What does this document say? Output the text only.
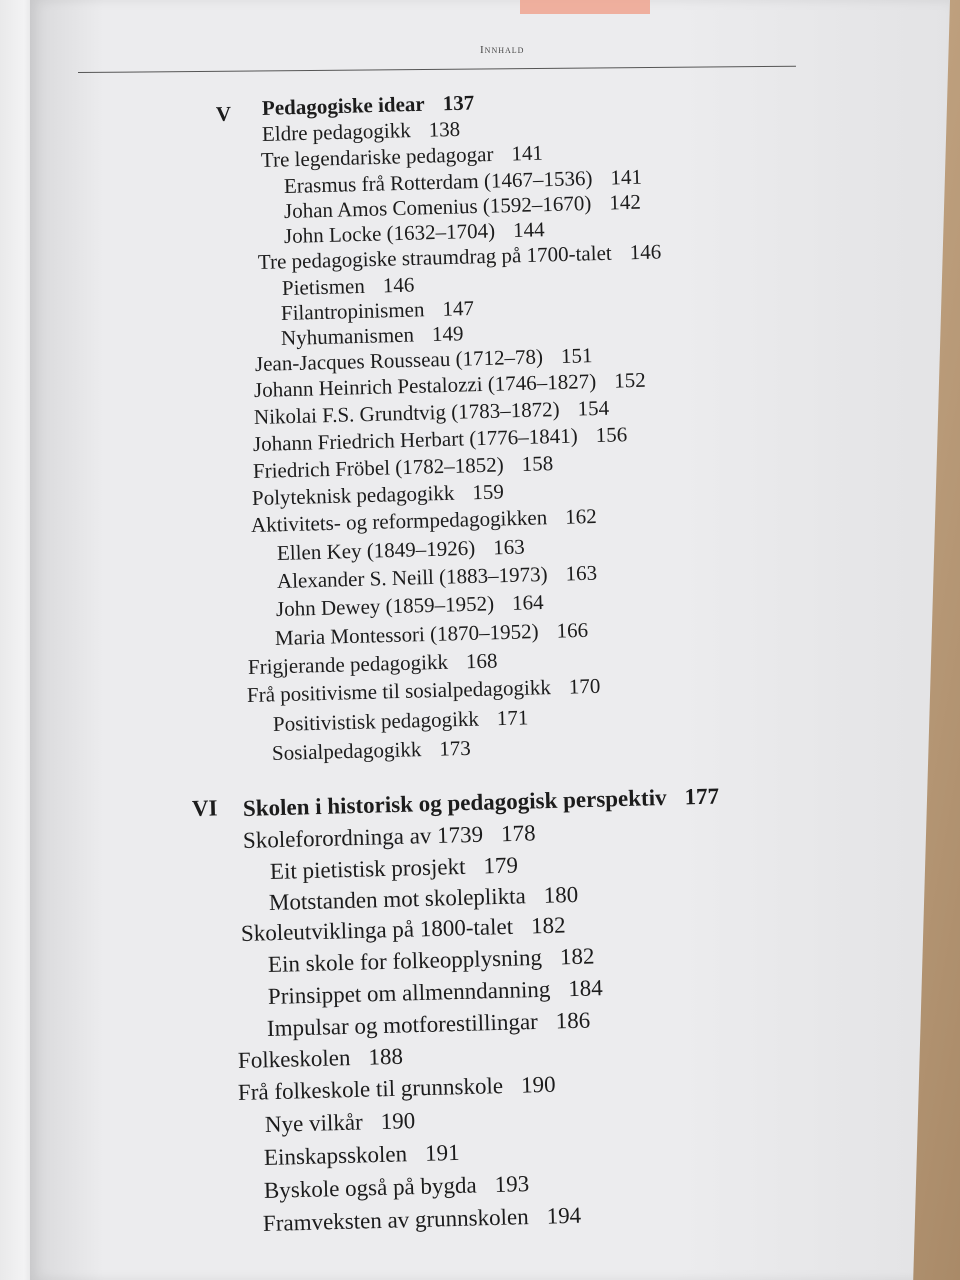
Innhald
V Pedagogiske idear 137
Eldre pedagogikk 138
Tre legendariske pedagogar 141
Erasmus frå Rotterdam (1467–1536) 141
Johan Amos Comenius (1592–1670) 142
John Locke (1632–1704) 144
Tre pedagogiske straumdrag på 1700-talet 146
Pietismen 146
Filantropinismen 147
Nyhumanismen 149
Jean-Jacques Rousseau (1712–78) 151
Johann Heinrich Pestalozzi (1746–1827) 152
Nikolai F.S. Grundtvig (1783–1872) 154
Johann Friedrich Herbart (1776–1841) 156
Friedrich Fröbel (1782–1852) 158
Polyteknisk pedagogikk 159
Aktivitets- og reformpedagogikken 162
Ellen Key (1849–1926) 163
Alexander S. Neill (1883–1973) 163
John Dewey (1859–1952) 164
Maria Montessori (1870–1952) 166
Frigjerande pedagogikk 168
Frå positivisme til sosialpedagogikk 170
Positivistisk pedagogikk 171
Sosialpedagogikk 173
VI Skolen i historisk og pedagogisk perspektiv 177
Skoleforordninga av 1739 178
Eit pietistisk prosjekt 179
Motstanden mot skoleplikta 180
Skoleutviklinga på 1800-talet 182
Ein skole for folkeopplysning 182
Prinsippet om allmenndanning 184
Impulsar og motforestillingar 186
Folkeskolen 188
Frå folkeskole til grunnskole 190
Nye vilkår 190
Einskapsskolen 191
Byskole også på bygda 193
Framveksten av grunnskolen 194
